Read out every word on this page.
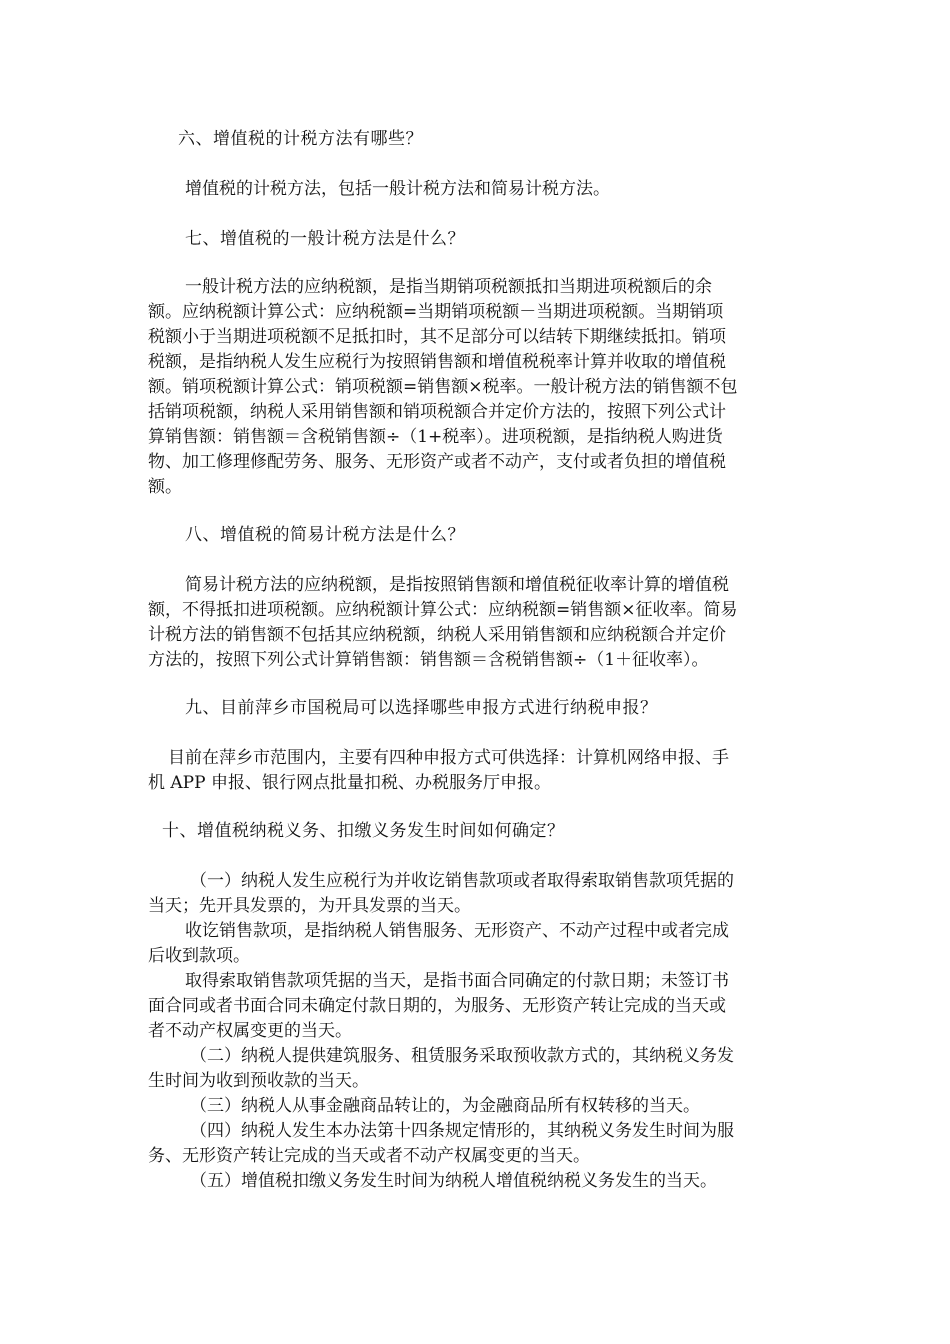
六、增值税的计税方法有哪些？
增值税的计税方法，包括一般计税方法和简易计税方法。
七、增值税的一般计税方法是什么？
一般计税方法的应纳税额，是指当期销项税额抵扣当期进项税额后的余
额。应纳税额计算公式：应纳税额=当期销项税额－当期进项税额。当期销项
税额小于当期进项税额不足抵扣时，其不足部分可以结转下期继续抵扣。销项
税额，是指纳税人发生应税行为按照销售额和增值税税率计算并收取的增值税
额。销项税额计算公式：销项税额=销售额×税率。一般计税方法的销售额不包
括销项税额，纳税人采用销售额和销项税额合并定价方法的，按照下列公式计
算销售额：销售额＝含税销售额÷（1+税率）。进项税额，是指纳税人购进货
物、加工修理修配劳务、服务、无形资产或者不动产，支付或者负担的增值税
额。
八、增值税的简易计税方法是什么？
简易计税方法的应纳税额，是指按照销售额和增值税征收率计算的增值税
额，不得抵扣进项税额。应纳税额计算公式：应纳税额=销售额×征收率。简易
计税方法的销售额不包括其应纳税额，纳税人采用销售额和应纳税额合并定价
方法的，按照下列公式计算销售额：销售额＝含税销售额÷（1＋征收率）。
九、目前萍乡市国税局可以选择哪些申报方式进行纳税申报？
目前在萍乡市范围内，主要有四种申报方式可供选择：计算机网络申报、手
机 APP 申报、银行网点批量扣税、办税服务厅申报。
十、增值税纳税义务、扣缴义务发生时间如何确定？
（一）纳税人发生应税行为并收讫销售款项或者取得索取销售款项凭据的
当天；先开具发票的，为开具发票的当天。
收讫销售款项，是指纳税人销售服务、无形资产、不动产过程中或者完成
后收到款项。
取得索取销售款项凭据的当天，是指书面合同确定的付款日期；未签订书
面合同或者书面合同未确定付款日期的，为服务、无形资产转让完成的当天或
者不动产权属变更的当天。
（二）纳税人提供建筑服务、租赁服务采取预收款方式的，其纳税义务发
生时间为收到预收款的当天。
（三）纳税人从事金融商品转让的，为金融商品所有权转移的当天。
（四）纳税人发生本办法第十四条规定情形的，其纳税义务发生时间为服
务、无形资产转让完成的当天或者不动产权属变更的当天。
（五）增值税扣缴义务发生时间为纳税人增值税纳税义务发生的当天。
